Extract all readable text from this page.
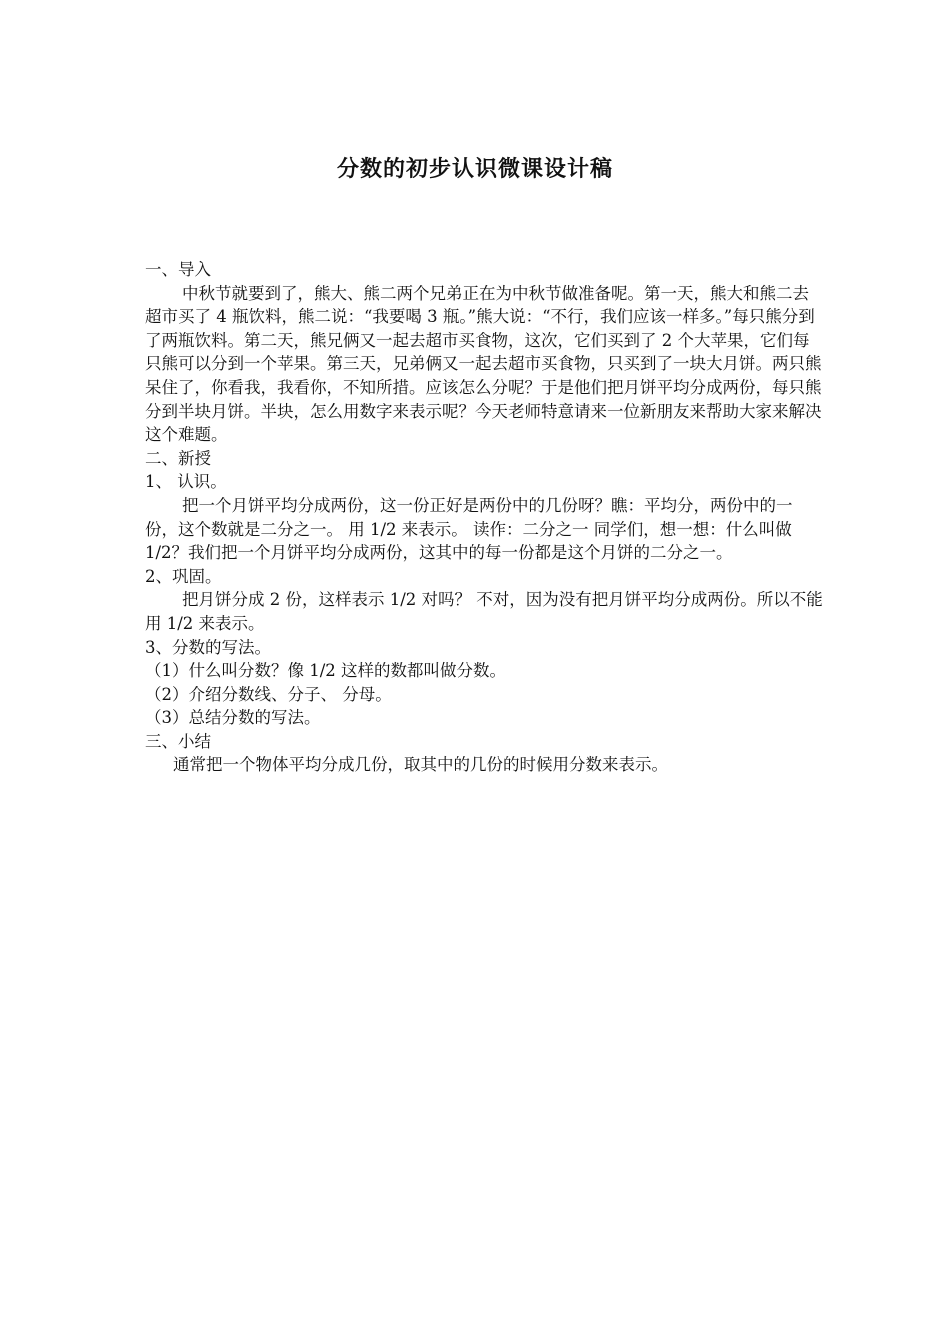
分数的初步认识微课设计稿

一、导入

中秋节就要到了，熊大、熊二两个兄弟正在为中秋节做准备呢。第一天，熊大和熊二去超市买了 4 瓶饮料，熊二说：“我要喝 3 瓶。”熊大说：“不行，我们应该一样多。”每只熊分到了两瓶饮料。第二天，熊兄俩又一起去超市买食物，这次，它们买到了 2 个大苹果，它们每只熊可以分到一个苹果。第三天，兄弟俩又一起去超市买食物，只买到了一块大月饼。两只熊呆住了，你看我，我看你，不知所措。应该怎么分呢？于是他们把月饼平均分成两份，每只熊分到半块月饼。半块，怎么用数字来表示呢？今天老师特意请来一位新朋友来帮助大家来解决这个难题。

二、新授

1、 认识。

把一个月饼平均分成两份，这一份正好是两份中的几份呀？瞧：平均分，两份中的一份，这个数就是二分之一。 用 1/2 来表示。 读作：二分之一 同学们，想一想：什么叫做 1/2？我们把一个月饼平均分成两份，这其中的每一份都是这个月饼的二分之一。

2、巩固。

把月饼分成 2 份，这样表示 1/2 对吗？ 不对，因为没有把月饼平均分成两份。所以不能用 1/2 来表示。

3、分数的写法。

（1）什么叫分数？像 1/2 这样的数都叫做分数。

（2）介绍分数线、分子、 分母。

（3）总结分数的写法。

三、小结

通常把一个物体平均分成几份，取其中的几份的时候用分数来表示。
